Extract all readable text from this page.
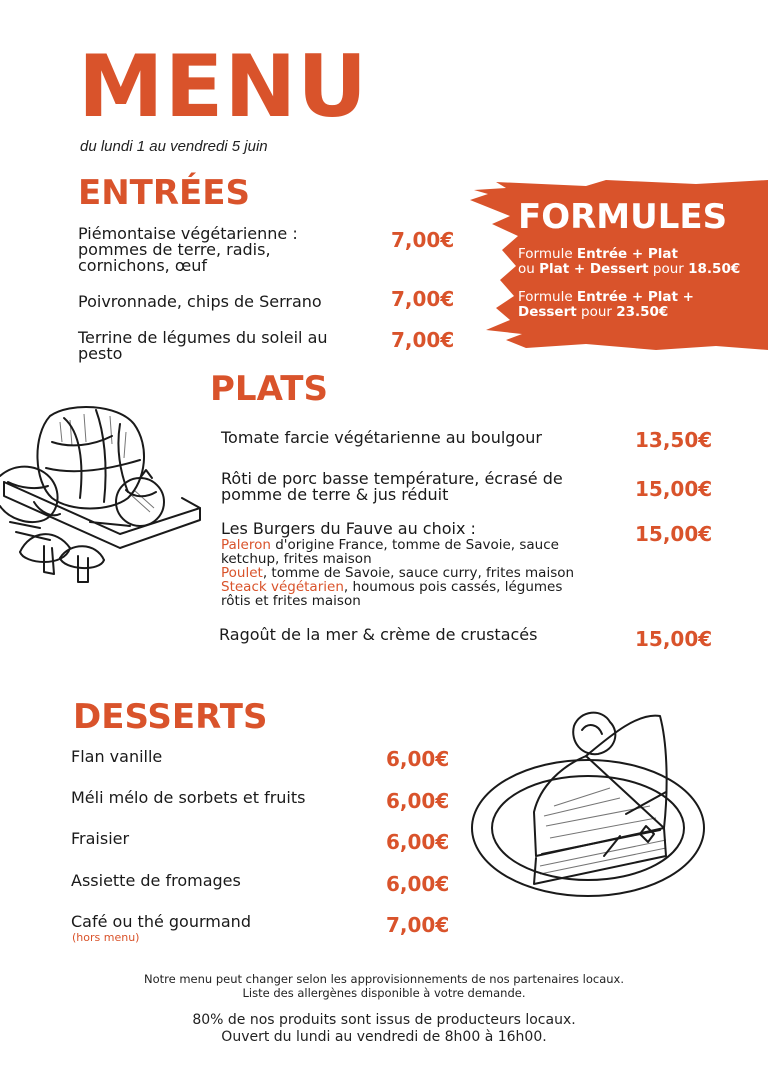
MENU
du lundi 1 au vendredi 5 juin
ENTRÉES
Piémontaise végétarienne :
pommes de terre, radis,
cornichons, œuf
7,00€
Poivronnade, chips de Serrano	7,00€
Terrine de légumes du soleil au
pesto
7,00€
FORMULES
Formule Entrée + Plat
ou Plat + Dessert pour 18.50€
Formule Entrée + Plat +
Dessert pour 23.50€
PLATS
Tomate farcie végétarienne au boulgour	13,50€
Rôti de porc basse température, écrasé de
pomme de terre & jus réduit	15,00€
Les Burgers du Fauve au choix :	15,00€
Paleron d'origine France, tomme de Savoie, sauce
ketchup, frites maison
Poulet, tomme de Savoie, sauce curry, frites maison
Steack végétarien, houmous pois cassés, légumes
rôtis et frites maison
Ragoût de la mer & crème de crustacés	15,00€
DESSERTS
Flan vanille	6,00€
Méli mélo de sorbets et fruits	6,00€
Fraisier	6,00€
Assiette de fromages	6,00€
Café ou thé gourmand
(hors menu)
7,00€
Notre menu peut changer selon les approvisionnements de nos partenaires locaux.
Liste des allergènes disponible à votre demande.
80% de nos produits sont issus de producteurs locaux.
Ouvert du lundi au vendredi de 8h00 à 16h00.
